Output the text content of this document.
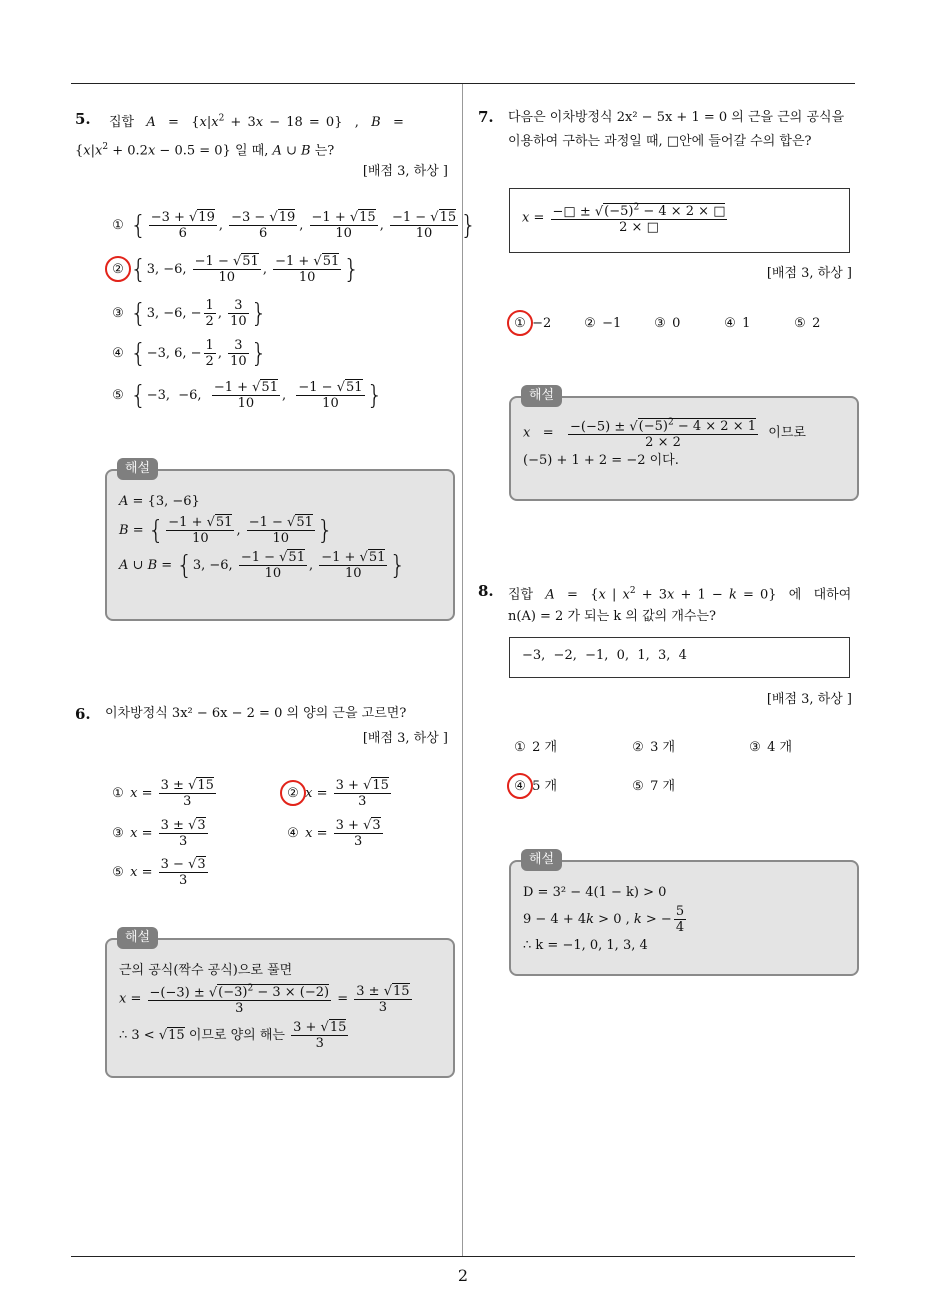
2
5. 집합  $A = \{x|x^2 + 3x - 18 = 0\}$  ,  B  =
$\{x|x^2 + 0.2x - 0.5 = 0\}$ 일 때, A ∪ B 는?
[배점 3, 하상 ]
① { $\frac{-3 + √19}{6}$ , $\frac{-3 - √19}{6}$ , $\frac{-1 + √15}{10}$ , $\frac{-1 - √15}{10}$ }
② {3, −6, $\frac{-1 - √51}{10}$ , $\frac{-1 + √51}{10}$ }
③ {3, −6, − $\frac{1}{2}$ , $\frac{3}{10}$ }
④ {−3, 6, − $\frac{1}{2}$ , $\frac{3}{10}$ }
⑤ {−3,  −6, $\frac{-1 + √51}{10}$ , $\frac{-1 - √51}{10}$ }
해설
A = {3, −6}
B = { $\frac{-1 + √51}{10}$ , $\frac{-1 - √51}{10}$ }
A ∪ B = {3, −6, $\frac{-1 - √51}{10}$ , $\frac{-1 + √51}{10}$ }
6. 이차방정식 3x² − 6x − 2 = 0 의 양의 근을 고르면?
[배점 3, 하상 ]
① $x = \frac{3 \pm √15}{3}$	② $x = \frac{3 + √15}{3}$
③ $x = \frac{3 \pm √3}{3}$	④ $x = \frac{3 + √3}{3}$
⑤ $x = \frac{3 - √3}{3}$
해설
근의 공식(짝수 공식)으로 풀면
$x = \frac{-(-3) \pm √(-3)^2 - 3 \times (-2)}{3} = \frac{3 \pm √15}{3}$
∴ 3 < √15 이므로 양의 해는 $\frac{3 + √15}{3}$
7. 다음은 이차방정식 2x² − 5x + 1 = 0 의 근을 근의 공식을 이용하여 구하는 과정일 때, □안에 들어갈 수의 합은?
$x = \frac{-□ \pm √(-5)^2 - 4 \times 2 \times □}{2 \times □}$
[배점 3, 하상 ]
① −2	② −1	③ 0	④ 1	⑤ 2
해설
$x = \frac{-(-5) \pm √(-5)^2 - 4 \times 2 \times 1}{2 \times 2}$ 이므로
(−5) + 1 + 2 = −2 이다.
8. 집합  A  =  {x | $x^2 + 3x + 1 - k = 0$}  에  대하여
n(A) = 2 가 되는 k 의 값의 개수는?
−3,  −2,  −1,  0,  1,  3,  4
[배점 3, 하상 ]
① 2 개	② 3 개	③ 4 개
④ 5 개	⑤ 7 개
해설
D = 3² − 4(1 − k) > 0
9 − 4 + 4k > 0 , k > − $\frac{5}{4}$
∴ k = −1, 0, 1, 3, 4
